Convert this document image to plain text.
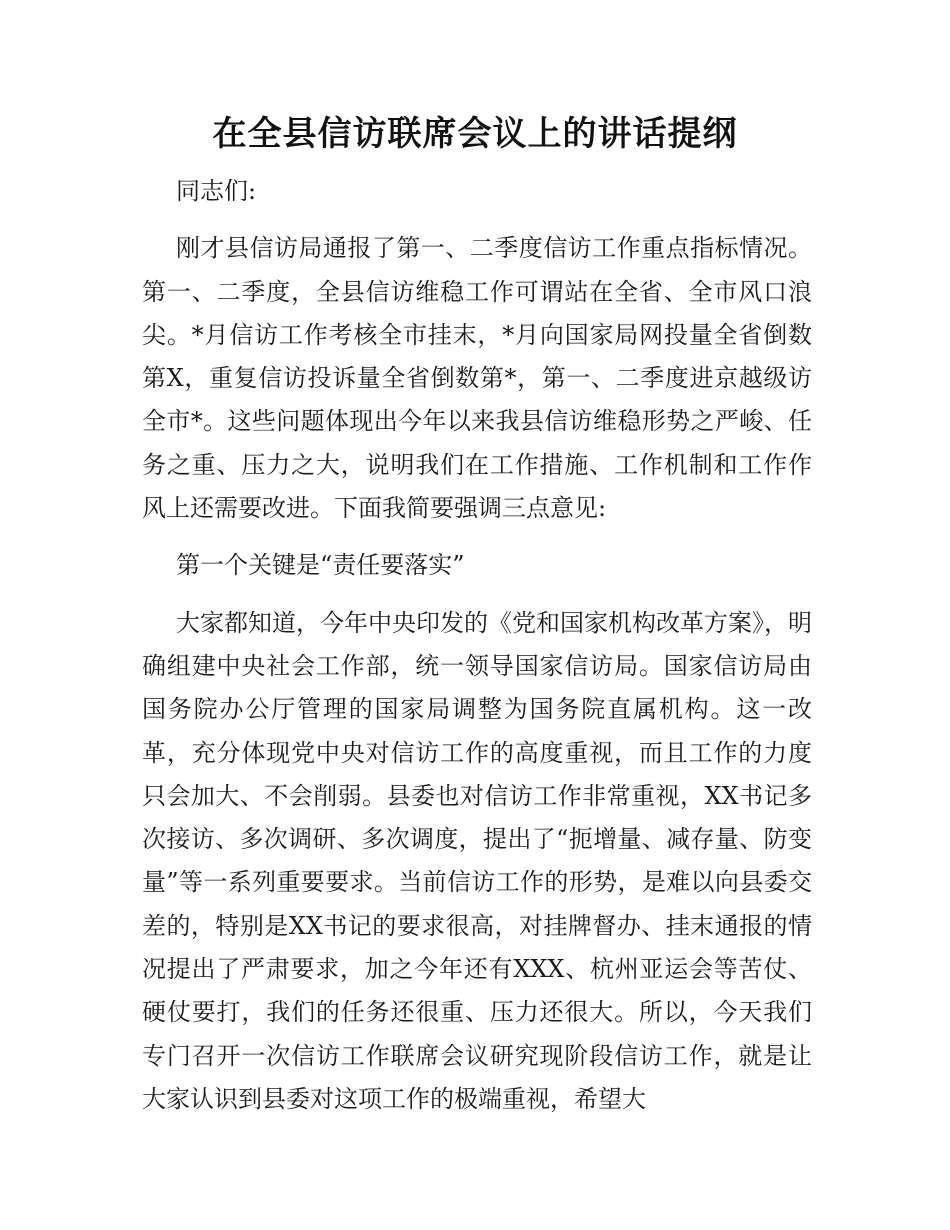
在全县信访联席会议上的讲话提纲

同志们:

刚才县信访局通报了第一、二季度信访工作重点指标情况。第一、二季度，全县信访维稳工作可谓站在全省、全市风口浪尖。*月信访工作考核全市挂末，*月向国家局网投量全省倒数第X，重复信访投诉量全省倒数第*，第一、二季度进京越级访全市*。这些问题体现出今年以来我县信访维稳形势之严峻、任务之重、压力之大，说明我们在工作措施、工作机制和工作作风上还需要改进。下面我简要强调三点意见:

第一个关键是“责任要落实”

大家都知道，今年中央印发的《党和国家机构改革方案》，明确组建中央社会工作部，统一领导国家信访局。国家信访局由国务院办公厅管理的国家局调整为国务院直属机构。这一改革，充分体现党中央对信访工作的高度重视，而且工作的力度只会加大、不会削弱。县委也对信访工作非常重视，XX书记多次接访、多次调研、多次调度，提出了“扼增量、减存量、防变量”等一系列重要要求。当前信访工作的形势，是难以向县委交差的，特别是XX书记的要求很高，对挂牌督办、挂末通报的情况提出了严肃要求，加之今年还有XXX、杭州亚运会等苦仗、硬仗要打，我们的任务还很重、压力还很大。所以，今天我们专门召开一次信访工作联席会议研究现阶段信访工作，就是让大家认识到县委对这项工作的极端重视，希望大
